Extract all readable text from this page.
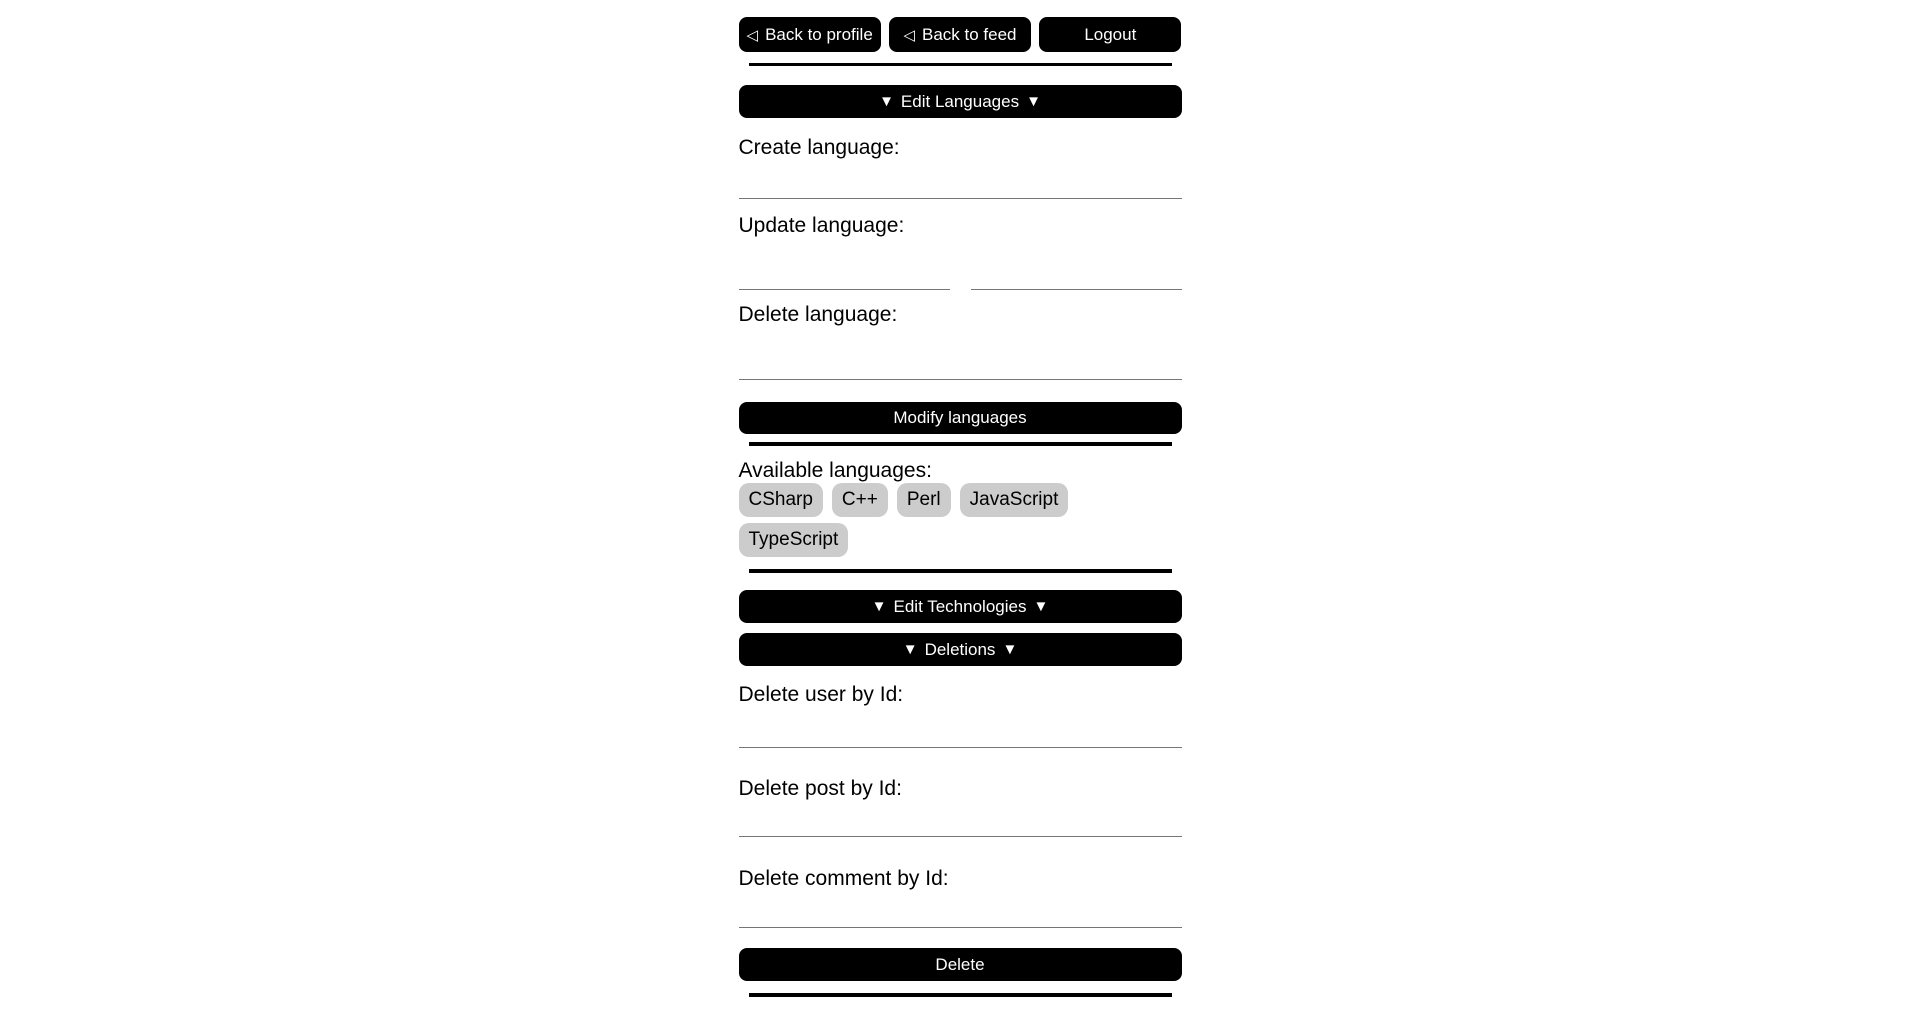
◁ Back to profile ◁ Back to feed	Logout
▼ Edit Languages ▼
Create language:
Update language:
Delete language:
Modify languages
Available languages:
CSharp	C++	Perl	JavaScript
TypeScript
▼ Edit Technologies ▼

▼ Deletions ▼
Delete user by Id:
Delete post by Id:
Delete comment by Id:
Delete
